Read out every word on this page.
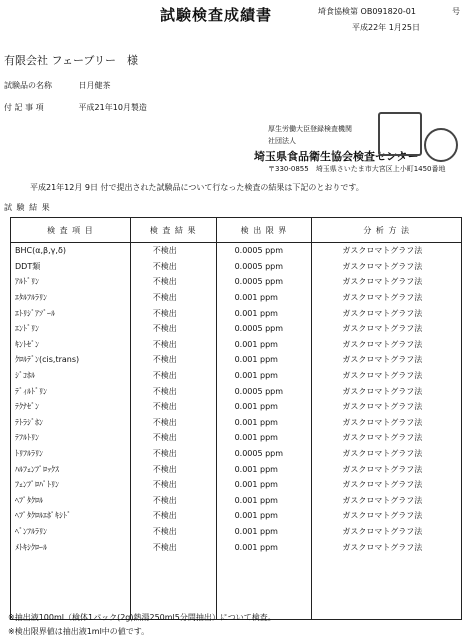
試験検査成績書	埼食協検第 OB091820-01	号
平成22年 1月25日
有限会社 フェーブリー　様
試験品の名称	日月健茶
付 記 事 項	平成21年10月製造
厚生労働大臣登録検査機関
社団法人
埼玉県食品衛生協会検査センター
〒330-0855　埼玉県さいたま市大宮区上小町1450番地
平成21年12月 9日 付で提出された試験品について行なった検査の結果は下記のとおりです。
試 験 結 果
検 査 項 目	検 査 結 果	検 出 限 界	分 析 方 法
BHC(α,β,γ,δ)	不検出	0.0005 ppm	ガスクロマトグラフ法
DDT類	不検出	0.0005 ppm	ガスクロマトグラフ法
ｱﾙﾄﾞﾘﾝ	不検出	0.0005 ppm	ガスクロマトグラフ法
ｴﾀﾙﾌﾙﾗﾘﾝ	不検出	0.001 ppm	ガスクロマトグラフ法
ｴﾄﾘｼﾞｱｿﾞｰﾙ	不検出	0.001 ppm	ガスクロマトグラフ法
ｴﾝﾄﾞﾘﾝ	不検出	0.0005 ppm	ガスクロマトグラフ法
ｷﾝﾄｾﾞﾝ	不検出	0.001 ppm	ガスクロマトグラフ法
ｸﾛﾙﾃﾞﾝ(cis,trans)	不検出	0.001 ppm	ガスクロマトグラフ法
ｼﾞｺﾎﾙ	不検出	0.001 ppm	ガスクロマトグラフ法
ﾃﾞｨﾙﾄﾞﾘﾝ	不検出	0.0005 ppm	ガスクロマトグラフ法
ﾃｸﾅｾﾞﾝ	不検出	0.001 ppm	ガスクロマトグラフ法
ﾃﾄﾗｼﾞﾎﾝ	不検出	0.001 ppm	ガスクロマトグラフ法
ﾃﾌﾙﾄﾘﾝ	不検出	0.001 ppm	ガスクロマトグラフ法
ﾄﾘﾌﾙﾗﾘﾝ	不検出	0.0005 ppm	ガスクロマトグラフ法
ﾊﾙﾌｪﾝﾌﾟﾛｯｸｽ	不検出	0.001 ppm	ガスクロマトグラフ法
ﾌｪﾝﾌﾟﾛﾊﾟﾄﾘﾝ	不検出	0.001 ppm	ガスクロマトグラフ法
ﾍﾌﾟﾀｸﾛﾙ	不検出	0.001 ppm	ガスクロマトグラフ法
ﾍﾌﾟﾀｸﾛﾙｴﾎﾟｷｼﾄﾞ	不検出	0.001 ppm	ガスクロマトグラフ法
ﾍﾞﾝﾌﾙﾗﾘﾝ	不検出	0.001 ppm	ガスクロマトグラフ法
ﾒﾄｷｼｸﾛｰﾙ	不検出	0.001 ppm	ガスクロマトグラフ法

※抽出液100ml（検体1パック(2g)熱湯250ml5分間抽出）について検査。
※検出限界値は抽出液1ml中の値です。
